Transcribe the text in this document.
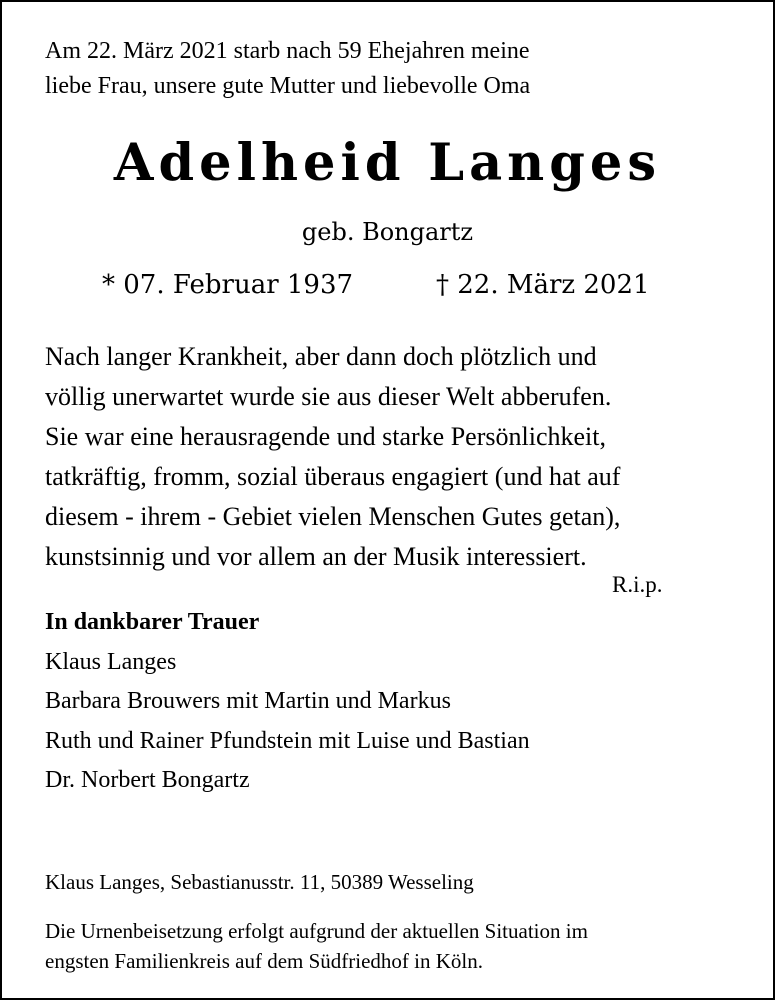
Am 22. März 2021 starb nach 59 Ehejahren meine
liebe Frau, unsere gute Mutter und liebevolle Oma
Adelheid Langes
geb. Bongartz
* 07. Februar 1937	† 22. März 2021
Nach langer Krankheit, aber dann doch plötzlich und
völlig unerwartet wurde sie aus dieser Welt abberufen.
Sie war eine herausragende und starke Persönlichkeit,
tatkräftig, fromm, sozial überaus engagiert (und hat auf
diesem - ihrem - Gebiet vielen Menschen Gutes getan),
kunstsinnig und vor allem an der Musik interessiert.
R.i.p.
In dankbarer Trauer
Klaus Langes
Barbara Brouwers mit Martin und Markus
Ruth und Rainer Pfundstein mit Luise und Bastian
Dr. Norbert Bongartz
Klaus Langes, Sebastianusstr. 11, 50389 Wesseling
Die Urnenbeisetzung erfolgt aufgrund der aktuellen Situation im
engsten Familienkreis auf dem Südfriedhof in Köln.
